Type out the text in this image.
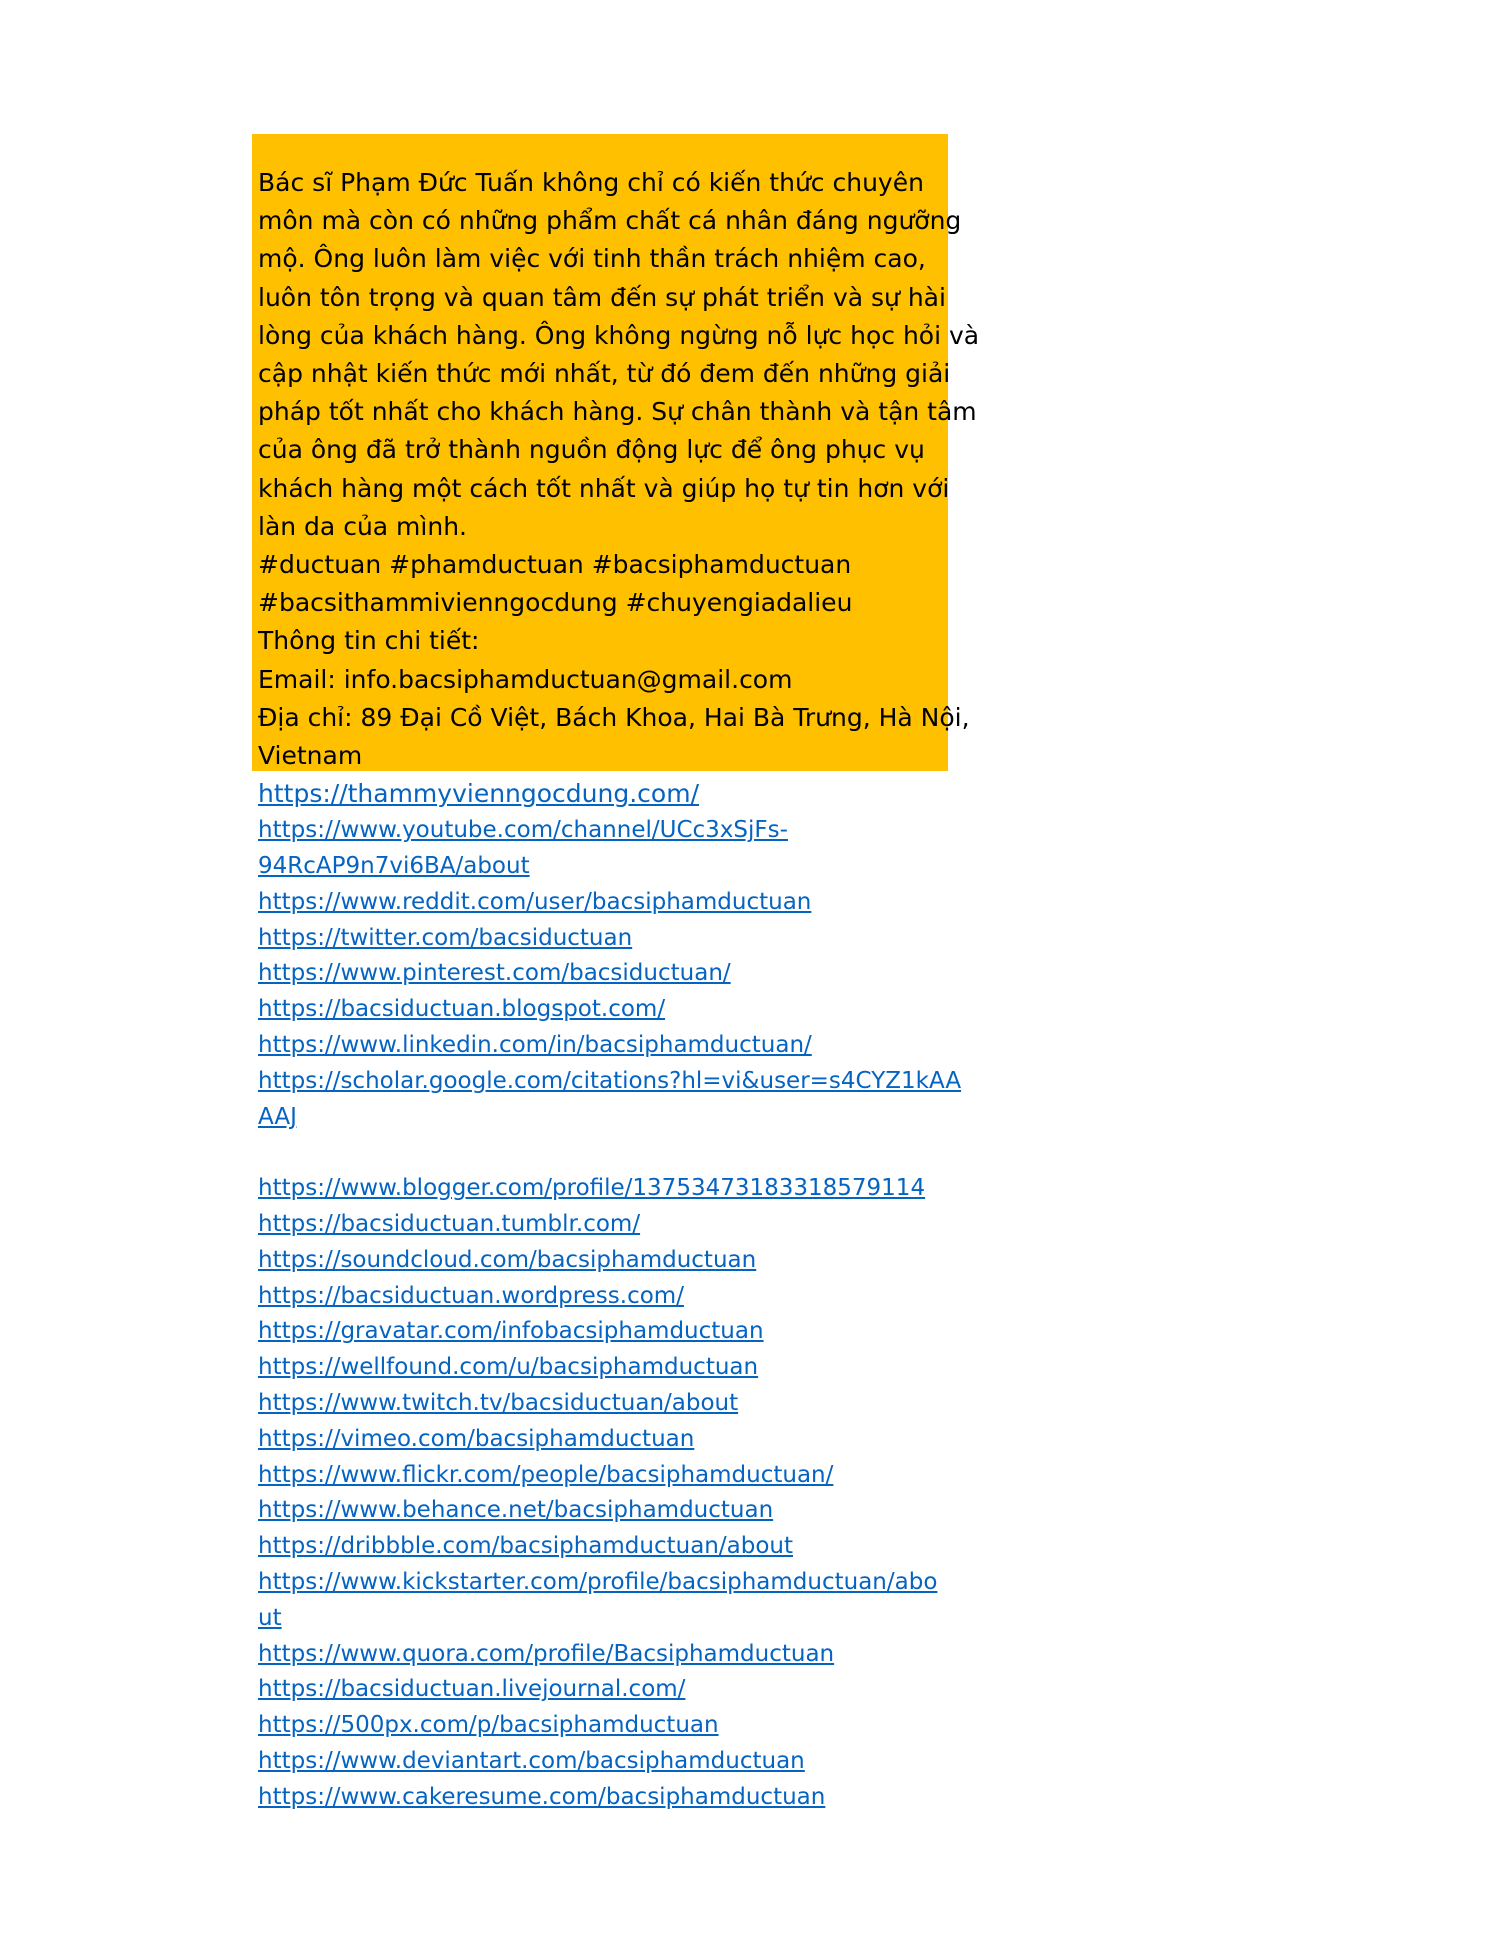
Bác sĩ Phạm Đức Tuấn không chỉ có kiến thức chuyên
môn mà còn có những phẩm chất cá nhân đáng ngưỡng
mộ. Ông luôn làm việc với tinh thần trách nhiệm cao,
luôn tôn trọng và quan tâm đến sự phát triển và sự hài
lòng của khách hàng. Ông không ngừng nỗ lực học hỏi và
cập nhật kiến thức mới nhất, từ đó đem đến những giải
pháp tốt nhất cho khách hàng. Sự chân thành và tận tâm
của ông đã trở thành nguồn động lực để ông phục vụ
khách hàng một cách tốt nhất và giúp họ tự tin hơn với
làn da của mình.
#ductuan #phamductuan #bacsiphamductuan
#bacsithammivienngocdung #chuyengiadalieu
Thông tin chi tiết:
Email: info.bacsiphamductuan@gmail.com
Địa chỉ: 89 Đại Cồ Việt, Bách Khoa, Hai Bà Trưng, Hà Nội,
Vietnam

https://thammyvienngocdung.com/
https://www.youtube.com/channel/UCc3xSjFs-
94RcAP9n7vi6BA/about
https://www.reddit.com/user/bacsiphamductuan
https://twitter.com/bacsiductuan
https://www.pinterest.com/bacsiductuan/
https://bacsiductuan.blogspot.com/
https://www.linkedin.com/in/bacsiphamductuan/
https://scholar.google.com/citations?hl=vi&user=s4CYZ1kAA
AAJ
https://www.blogger.com/profile/13753473183318579114
https://bacsiductuan.tumblr.com/
https://soundcloud.com/bacsiphamductuan
https://bacsiductuan.wordpress.com/
https://gravatar.com/infobacsiphamductuan
https://wellfound.com/u/bacsiphamductuan
https://www.twitch.tv/bacsiductuan/about
https://vimeo.com/bacsiphamductuan
https://www.flickr.com/people/bacsiphamductuan/
https://www.behance.net/bacsiphamductuan
https://dribbble.com/bacsiphamductuan/about
https://www.kickstarter.com/profile/bacsiphamductuan/abo
ut
https://www.quora.com/profile/Bacsiphamductuan
https://bacsiductuan.livejournal.com/
https://500px.com/p/bacsiphamductuan
https://www.deviantart.com/bacsiphamductuan
https://www.cakeresume.com/bacsiphamductuan
